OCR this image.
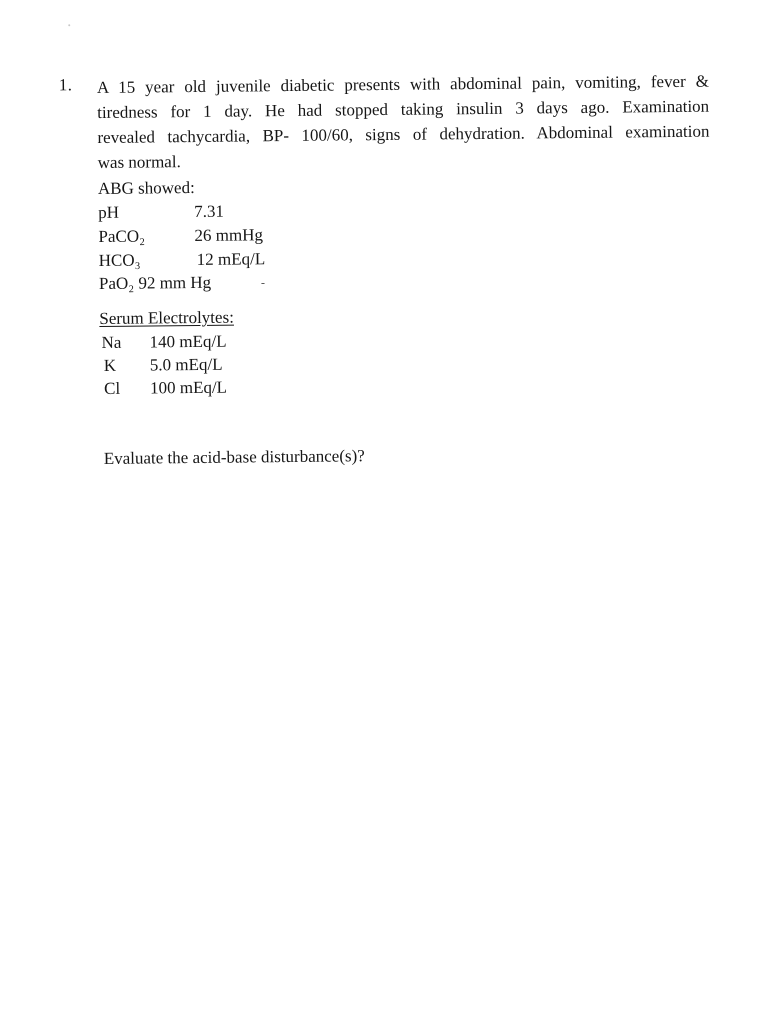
1. A 15 year old juvenile diabetic presents with abdominal pain, vomiting, fever &
tiredness for 1 day. He had stopped taking insulin 3 days ago. Examination
revealed tachycardia, BP- 100/60, signs of dehydration. Abdominal examination
was normal.

ABG showed:
pH	7.31
PaCO₂	26 mmHg
HCO₃	12 mEq/L
PaO₂ 92 mm Hg	-
Serum Electrolytes:
Na 140 mEq/L
K 5.0 mEq/L
Cl 100 mEq/L
Evaluate the acid-base disturbance(s)?
